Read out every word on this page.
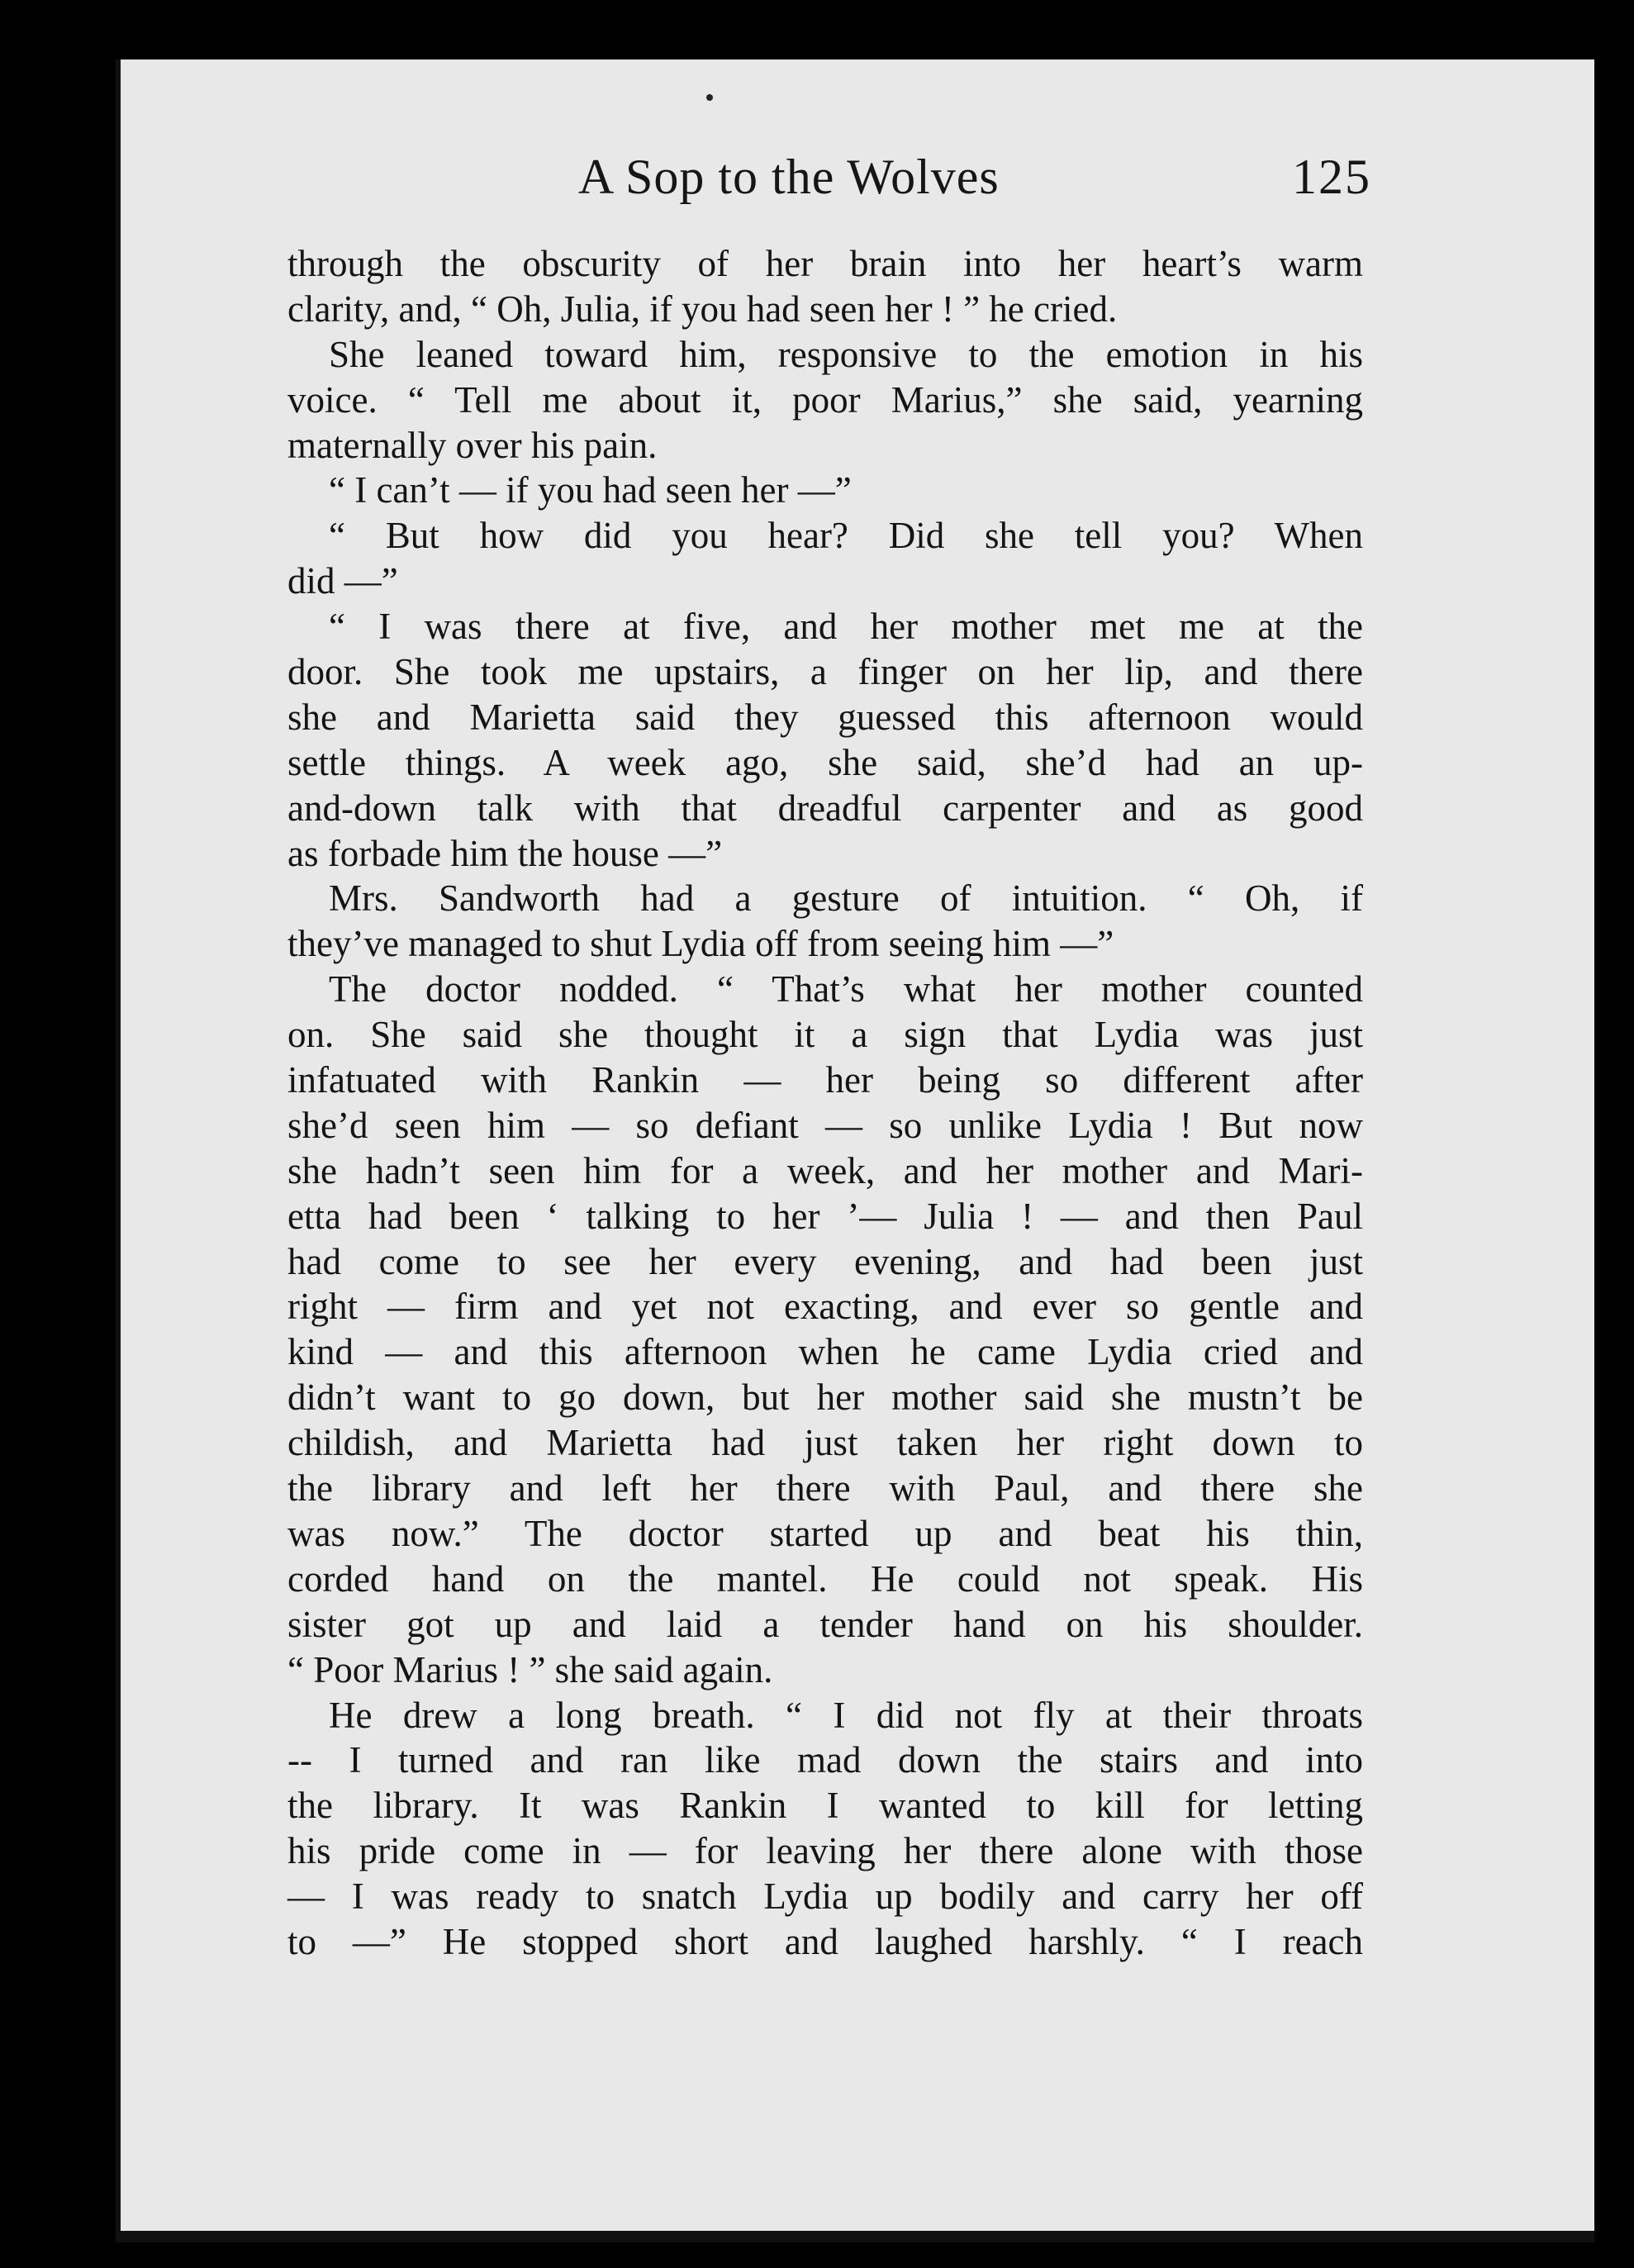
A Sop to the Wolves	125
through the obscurity of her brain into her heart’s warm
clarity, and, “ Oh, Julia, if you had seen her ! ” he cried.
She leaned toward him, responsive to the emotion in his
voice. “ Tell me about it, poor Marius,” she said, yearning
maternally over his pain.
“ I can’t — if you had seen her —”
“ But how did you hear? Did she tell you? When
did —”
“ I was there at five, and her mother met me at the
door. She took me upstairs, a finger on her lip, and there
she and Marietta said they guessed this afternoon would
settle things. A week ago, she said, she’d had an up-
and-down talk with that dreadful carpenter and as good
as forbade him the house —”
Mrs. Sandworth had a gesture of intuition. “ Oh, if
they’ve managed to shut Lydia off from seeing him —”
The doctor nodded. “ That’s what her mother counted
on. She said she thought it a sign that Lydia was just
infatuated with Rankin — her being so different after
she’d seen him — so defiant — so unlike Lydia ! But now
she hadn’t seen him for a week, and her mother and Mari-
etta had been ‘ talking to her ’— Julia ! — and then Paul
had come to see her every evening, and had been just
right — firm and yet not exacting, and ever so gentle and
kind — and this afternoon when he came Lydia cried and
didn’t want to go down, but her mother said she mustn’t be
childish, and Marietta had just taken her right down to
the library and left her there with Paul, and there she
was now.” The doctor started up and beat his thin,
corded hand on the mantel. He could not speak. His
sister got up and laid a tender hand on his shoulder.
“ Poor Marius ! ” she said again.
He drew a long breath. “ I did not fly at their throats
-- I turned and ran like mad down the stairs and into
the library. It was Rankin I wanted to kill for letting
his pride come in — for leaving her there alone with those
— I was ready to snatch Lydia up bodily and carry her off
to —” He stopped short and laughed harshly. “ I reach
